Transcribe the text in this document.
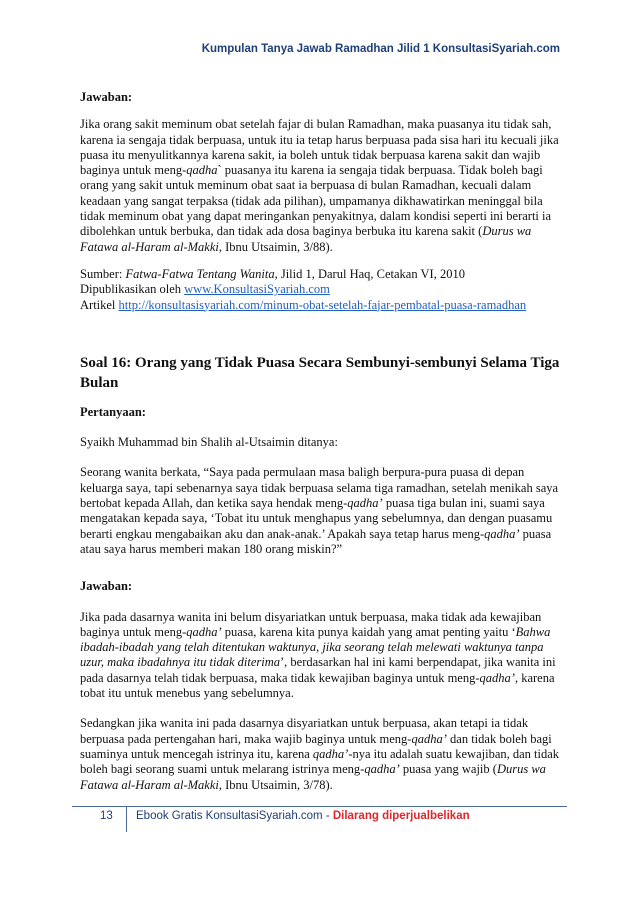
Kumpulan Tanya Jawab Ramadhan Jilid 1 KonsultasiSyariah.com

Jawaban:

Jika orang sakit meminum obat setelah fajar di bulan Ramadhan, maka puasanya itu tidak sah, karena ia sengaja tidak berpuasa, untuk itu ia tetap harus berpuasa pada sisa hari itu kecuali jika puasa itu menyulitkannya karena sakit, ia boleh untuk tidak berpuasa karena sakit dan wajib baginya untuk meng-qadha` puasanya itu karena ia sengaja tidak berpuasa. Tidak boleh bagi orang yang sakit untuk meminum obat saat ia berpuasa di bulan Ramadhan, kecuali dalam keadaan yang sangat terpaksa (tidak ada pilihan), umpamanya dikhawatirkan meninggal bila tidak meminum obat yang dapat meringankan penyakitnya, dalam kondisi seperti ini berarti ia dibolehkan untuk berbuka, dan tidak ada dosa baginya berbuka itu karena sakit (Durus wa Fatawa al-Haram al-Makki, Ibnu Utsaimin, 3/88).

Sumber: Fatwa-Fatwa Tentang Wanita, Jilid 1, Darul Haq, Cetakan VI, 2010

Dipublikasikan oleh www.KonsultasiSyariah.com

Artikel http://konsultasisyariah.com/minum-obat-setelah-fajar-pembatal-puasa-ramadhan

Soal 16: Orang yang Tidak Puasa Secara Sembunyi-sembunyi Selama Tiga Bulan

Pertanyaan:

Syaikh Muhammad bin Shalih al-Utsaimin ditanya:

Seorang wanita berkata, “Saya pada permulaan masa baligh berpura-pura puasa di depan keluarga saya, tapi sebenarnya saya tidak berpuasa selama tiga ramadhan, setelah menikah saya bertobat kepada Allah, dan ketika saya hendak meng-qadha’ puasa tiga bulan ini, suami saya mengatakan kepada saya, ‘Tobat itu untuk menghapus yang sebelumnya, dan dengan puasamu berarti engkau mengabaikan aku dan anak-anak.’ Apakah saya tetap harus meng-qadha’ puasa atau saya harus memberi makan 180 orang miskin?”

Jawaban:

Jika pada dasarnya wanita ini belum disyariatkan untuk berpuasa, maka tidak ada kewajiban baginya untuk meng-qadha’ puasa, karena kita punya kaidah yang amat penting yaitu ‘Bahwa ibadah-ibadah yang telah ditentukan waktunya, jika seorang telah melewati waktunya tanpa uzur, maka ibadahnya itu tidak diterima’, berdasarkan hal ini kami berpendapat, jika wanita ini pada dasarnya telah tidak berpuasa, maka tidak kewajiban baginya untuk meng-qadha’, karena tobat itu untuk menebus yang sebelumnya.

Sedangkan jika wanita ini pada dasarnya disyariatkan untuk berpuasa, akan tetapi ia tidak berpuasa pada pertengahan hari, maka wajib baginya untuk meng-qadha’ dan tidak boleh bagi suaminya untuk mencegah istrinya itu, karena qadha’-nya itu adalah suatu kewajiban, dan tidak boleh bagi seorang suami untuk melarang istrinya meng-qadha’ puasa yang wajib (Durus wa Fatawa al-Haram al-Makki, Ibnu Utsaimin, 3/78).

13 Ebook Gratis KonsultasiSyariah.com - Dilarang diperjualbelikan
